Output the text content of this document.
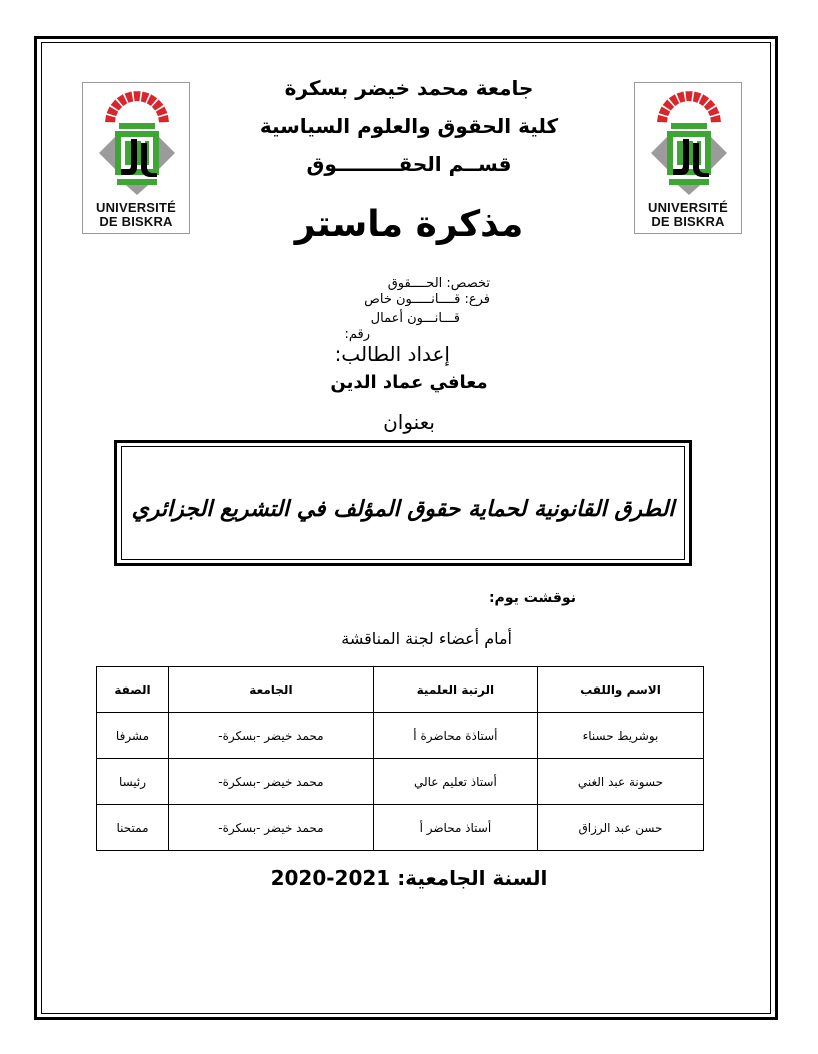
UNIVERSITÉ
DE BISKRA
UNIVERSITÉ
DE BISKRA
جامعة محمد خيضر بسكرة
كلية الحقوق والعلوم السياسية
قســم الحقـــــــــوق
مذكرة ماستر
تخصص: الحــــقوق
فرع: قــــانـــــون خاص
قـــانـــون أعمال
رقم:
إعداد الطالب:
معافي عماد الدين
بعنوان
الطرق القانونية لحماية حقوق المؤلف في التشريع الجزائري
نوقشت يوم:
أمام أعضاء لجنة المناقشة
الاسم واللقب	الرتبة العلمية	الجامعة	الصفة
بوشريط حسناء	أستاذة محاضرة أ	محمد خيضر -بسكرة-	مشرفا
حسونة عبد الغني	أستاذ تعليم عالي	محمد خيضر -بسكرة-	رئيسا
حسن عبد الرزاق	أستاذ محاضر أ	محمد خيضر -بسكرة-	ممتحنا
السنة الجامعية: 2020-2021
